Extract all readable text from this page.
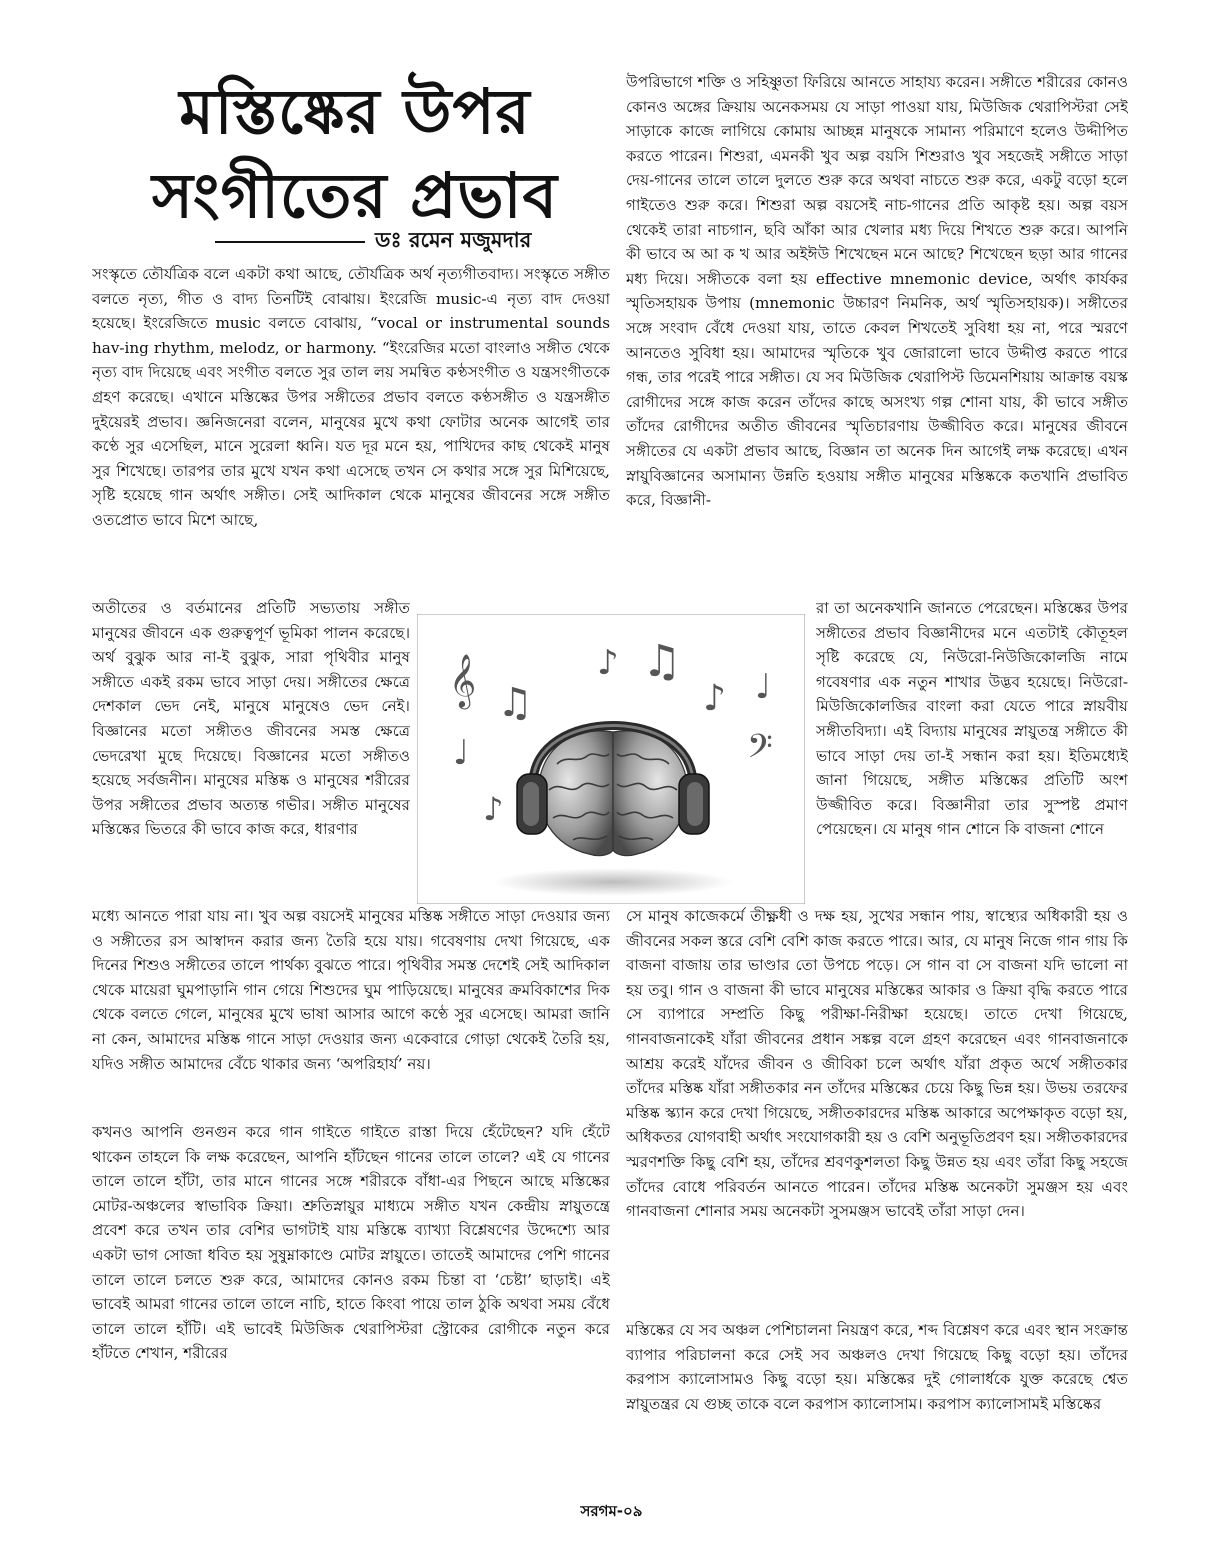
মস্তিষ্কের উপর
সংগীতের প্রভাব
ডঃ রমেন মজুমদার

সংস্কৃতে তৌর্যত্রিক বলে একটা কথা আছে, তৌর্যত্রিক অর্থ নৃত্যগীতবাদ্য। সংস্কৃতে সঙ্গীত বলতে নৃত্য, গীত ও বাদ্য তিনটিই বোঝায়। ইংরেজি music-এ নৃত্য বাদ দেওয়া হয়েছে। ইংরেজিতে music বলতে বোঝায়, “vocal or instrumental sounds hav-ing rhythm, melodz, or harmony. “ইংরেজির মতো বাংলাও সঙ্গীত থেকে নৃত্য বাদ দিয়েছে এবং সংগীত বলতে সুর তাল লয় সমন্বিত কণ্ঠসংগীত ও যন্ত্রসংগীতকে গ্রহণ করেছে। এখানে মস্তিষ্কের উপর সঙ্গীতের প্রভাব বলতে কণ্ঠসঙ্গীত ও যন্ত্রসঙ্গীত দুইয়েরই প্রভাব। জ্ঞনিজনেরা বলেন, মানুষের মুখে কথা ফোটার অনেক আগেই তার কণ্ঠে সুর এসেছিল, মানে সুরেলা ধ্বনি। যত দূর মনে হয়, পাখিদের কাছ থেকেই মানুষ সুর শিখেছে। তারপর তার মুখে যখন কথা এসেছে তখন সে কথার সঙ্গে সুর মিশিয়েছে, সৃষ্টি হয়েছে গান অর্থাৎ সঙ্গীত। সেই আদিকাল থেকে মানুষের জীবনের সঙ্গে সঙ্গীত ওতপ্রোত ভাবে মিশে আছে,

অতীতের ও বর্তমানের প্রতিটি সভ্যতায় সঙ্গীত মানুষের জীবনে এক গুরুত্বপূর্ণ ভূমিকা পালন করেছে। অর্থ বুঝুক আর না-ই বুঝুক, সারা পৃথিবীর মানুষ সঙ্গীতে একই রকম ভাবে সাড়া দেয়। সঙ্গীতের ক্ষেত্রে দেশকাল ভেদ নেই, মানুষে মানুষেও ভেদ নেই। বিজ্ঞানের মতো সঙ্গীতও জীবনের সমস্ত ক্ষেত্রে ভেদরেখা মুছে দিয়েছে। বিজ্ঞানের মতো সঙ্গীতও হয়েছে সর্বজনীন। মানুষের মস্তিষ্ক ও মানুষের শরীরের উপর সঙ্গীতের প্রভাব অত্যন্ত গভীর। সঙ্গীত মানুষের মস্তিষ্কের ভিতরে কী ভাবে কাজ করে, ধারণার

মধ্যে আনতে পারা যায় না। খুব অল্প বয়সেই মানুষের মস্তিষ্ক সঙ্গীতে সাড়া দেওয়ার জন্য ও সঙ্গীতের রস আস্বাদন করার জন্য তৈরি হয়ে যায়। গবেষণায় দেখা গিয়েছে, এক দিনের শিশুও সঙ্গীতের তালে পার্থক্য বুঝতে পারে। পৃথিবীর সমস্ত দেশেই সেই আদিকাল থেকে মায়েরা ঘুমপাড়ানি গান গেয়ে শিশুদের ঘুম পাড়িয়েছে। মানুষের ক্রমবিকাশের দিক থেকে বলতে গেলে, মানুষের মুখে ভাষা আসার আগে কণ্ঠে সুর এসেছে। আমরা জানি না কেন, আমাদের মস্তিষ্ক গানে সাড়া দেওয়ার জন্য একেবারে গোড়া থেকেই তৈরি হয়, যদিও সঙ্গীত আমাদের বেঁচে থাকার জন্য ‘অপরিহার্য’ নয়।

কখনও আপনি গুনগুন করে গান গাইতে গাইতে রাস্তা দিয়ে হেঁটেছেন? যদি হেঁটে থাকেন তাহলে কি লক্ষ করেছেন, আপনি হাঁটছেন গানের তালে তালে? এই যে গানের তালে তালে হাঁটা, তার মানে গানের সঙ্গে শরীরকে বাঁধা-এর পিছনে আছে মস্তিষ্কের মোটর-অঞ্চলের স্বাভাবিক ক্রিয়া। শ্রুতিস্নায়ুর মাধ্যমে সঙ্গীত যখন কেন্দ্রীয় স্নায়ুতন্ত্রে প্রবেশ করে তখন তার বেশির ভাগটাই যায় মস্তিষ্কে ব্যাখ্যা বিশ্লেষণের উদ্দেশ্যে আর একটা ভাগ সোজা ধবিত হয় সুষুম্নাকাণ্ডে মোটর স্নায়ুতে। তাতেই আমাদের পেশি গানের তালে তালে চলতে শুরু করে, আমাদের কোনও রকম চিন্তা বা ‘চেষ্টা’ ছাড়াই। এই ভাবেই আমরা গানের তালে তালে নাচি, হাতে কিংবা পায়ে তাল ঠুকি অথবা সময় বেঁধে তালে তালে হাঁটি। এই ভাবেই মিউজিক থেরাপিস্টরা স্ট্রোকের রোগীকে নতুন করে হাঁটতে শেখান, শরীরের

উপরিভাগে শক্তি ও সহিষ্ণুতা ফিরিয়ে আনতে সাহায্য করেন। সঙ্গীতে শরীরের কোনও কোনও অঙ্গের ক্রিয়ায় অনেকসময় যে সাড়া পাওয়া যায়, মিউজিক থেরাপিস্টরা সেই সাড়াকে কাজে লাগিয়ে কোমায় আচ্ছন্ন মানুষকে সামান্য পরিমাণে হলেও উদ্দীপিত করতে পারেন। শিশুরা, এমনকী খুব অল্প বয়সি শিশুরাও খুব সহজেই সঙ্গীতে সাড়া দেয়-গানের তালে তালে দুলতে শুরু করে অথবা নাচতে শুরু করে, একটু বড়ো হলে গাইতেও শুরু করে। শিশুরা অল্প বয়সেই নাচ-গানের প্রতি আকৃষ্ট হয়। অল্প বয়স থেকেই তারা নাচগান, ছবি আঁকা আর খেলার মধ্য দিয়ে শিখতে শুরু করে। আপনি কী ভাবে অ আ ক খ আর অইঈউ শিখেছেন মনে আছে? শিখেছেন ছড়া আর গানের মধ্য দিয়ে। সঙ্গীতকে বলা হয় effective mnemonic device, অর্থাৎ কার্যকর স্মৃতিসহায়ক উপায় (mnemonic উচ্চারণ নিমনিক, অর্থ স্মৃতিসহায়ক)। সঙ্গীতের সঙ্গে সংবাদ বেঁধে দেওয়া যায়, তাতে কেবল শিখতেই সুবিধা হয় না, পরে স্মরণে আনতেও সুবিধা হয়। আমাদের স্মৃতিকে খুব জোরালো ভাবে উদ্দীপ্ত করতে পারে গন্ধ, তার পরেই পারে সঙ্গীত। যে সব মিউজিক থেরাপিস্ট ডিমেনশিয়ায় আক্রান্ত বয়স্ক রোগীদের সঙ্গে কাজ করেন তাঁদের কাছে অসংখ্য গল্প শোনা যায়, কী ভাবে সঙ্গীত তাঁদের রোগীদের অতীত জীবনের স্মৃতিচারণায় উজ্জীবিত করে। মানুষের জীবনে সঙ্গীতের যে একটা প্রভাব আছে, বিজ্ঞান তা অনেক দিন আগেই লক্ষ করেছে। এখন স্নায়ুবিজ্ঞানের অসামান্য উন্নতি হওয়ায় সঙ্গীত মানুষের মস্তিষ্ককে কতখানি প্রভাবিত করে, বিজ্ঞানী-

রা তা অনেকখানি জানতে পেরেছেন। মস্তিষ্কের উপর সঙ্গীতের প্রভাব বিজ্ঞানীদের মনে এতটাই কৌতূহল সৃষ্টি করেছে যে, নিউরো-নিউজিকোলজি নামে গবেষণার এক নতুন শাখার উদ্ভব হয়েছে। নিউরো-মিউজিকোলজির বাংলা করা যেতে পারে স্নায়বীয় সঙ্গীতবিদ্যা। এই বিদ্যায় মানুষের স্নায়ুতন্ত্র সঙ্গীতে কী ভাবে সাড়া দেয় তা-ই সন্ধান করা হয়। ইতিমধ্যেই জানা গিয়েছে, সঙ্গীত মস্তিষ্কের প্রতিটি অংশ উজ্জীবিত করে। বিজ্ঞানীরা তার সুস্পষ্ট প্রমাণ পেয়েছেন। যে মানুষ গান শোনে কি বাজনা শোনে

সে মানুষ কাজেকর্মে তীক্ষ্ণধী ও দক্ষ হয়, সুখের সন্ধান পায়, স্বাস্থ্যের অধিকারী হয় ও জীবনের সকল স্তরে বেশি বেশি কাজ করতে পারে। আর, যে মানুষ নিজে গান গায় কি বাজনা বাজায় তার ভাণ্ডার তো উপচে পড়ে। সে গান বা সে বাজনা যদি ভালো না হয় তবু। গান ও বাজনা কী ভাবে মানুষের মস্তিষ্কের আকার ও ক্রিয়া বৃদ্ধি করতে পারে সে ব্যাপারে সম্প্রতি কিছু পরীক্ষা-নিরীক্ষা হয়েছে। তাতে দেখা গিয়েছে, গানবাজনাকেই যাঁরা জীবনের প্রধান সঙ্কল্প বলে গ্রহণ করেছেন এবং গানবাজনাকে আশ্রয় করেই যাঁদের জীবন ও জীবিকা চলে অর্থাৎ যাঁরা প্রকৃত অর্থে সঙ্গীতকার তাঁদের মস্তিষ্ক যাঁরা সঙ্গীতকার নন তাঁদের মস্তিষ্কের চেয়ে কিছু ভিন্ন হয়। উভয় তরফের মস্তিষ্ক স্ক্যান করে দেখা গিয়েছে, সঙ্গীতকারদের মস্তিষ্ক আকারে অপেক্ষাকৃত বড়ো হয়, অধিকতর যোগবাহী অর্থাৎ সংযোগকারী হয় ও বেশি অনুভূতিপ্রবণ হয়। সঙ্গীতকারদের স্মরণশক্তি কিছু বেশি হয়, তাঁদের শ্রবণকুশলতা কিছু উন্নত হয় এবং তাঁরা কিছু সহজে তাঁদের বোধে পরিবর্তন আনতে পারেন। তাঁদের মস্তিষ্ক অনেকটা সুমঞ্জস হয় এবং গানবাজনা শোনার সময় অনেকটা সুসমঞ্জস ভাবেই তাঁরা সাড়া দেন।

মস্তিষ্কের যে সব অঞ্চল পেশিচালনা নিয়ন্ত্রণ করে, শব্দ বিশ্লেষণ করে এবং স্থান সংক্রান্ত ব্যাপার পরিচালনা করে সেই সব অঞ্চলও দেখা গিয়েছে কিছু বড়ো হয়। তাঁদের করপাস ক্যালোসামও কিছু বড়ো হয়। মস্তিষ্কের দুই গোলার্ধকে যুক্ত করেছে শ্বেত স্নায়ুতন্ত্রর যে গুচ্ছ তাকে বলে করপাস ক্যালোসাম। করপাস ক্যালোসামই মস্তিষ্কের

𝄞 ♫
♪ ♫
♪ ♩
𝄢
♩
♪
সরগম-০৯
